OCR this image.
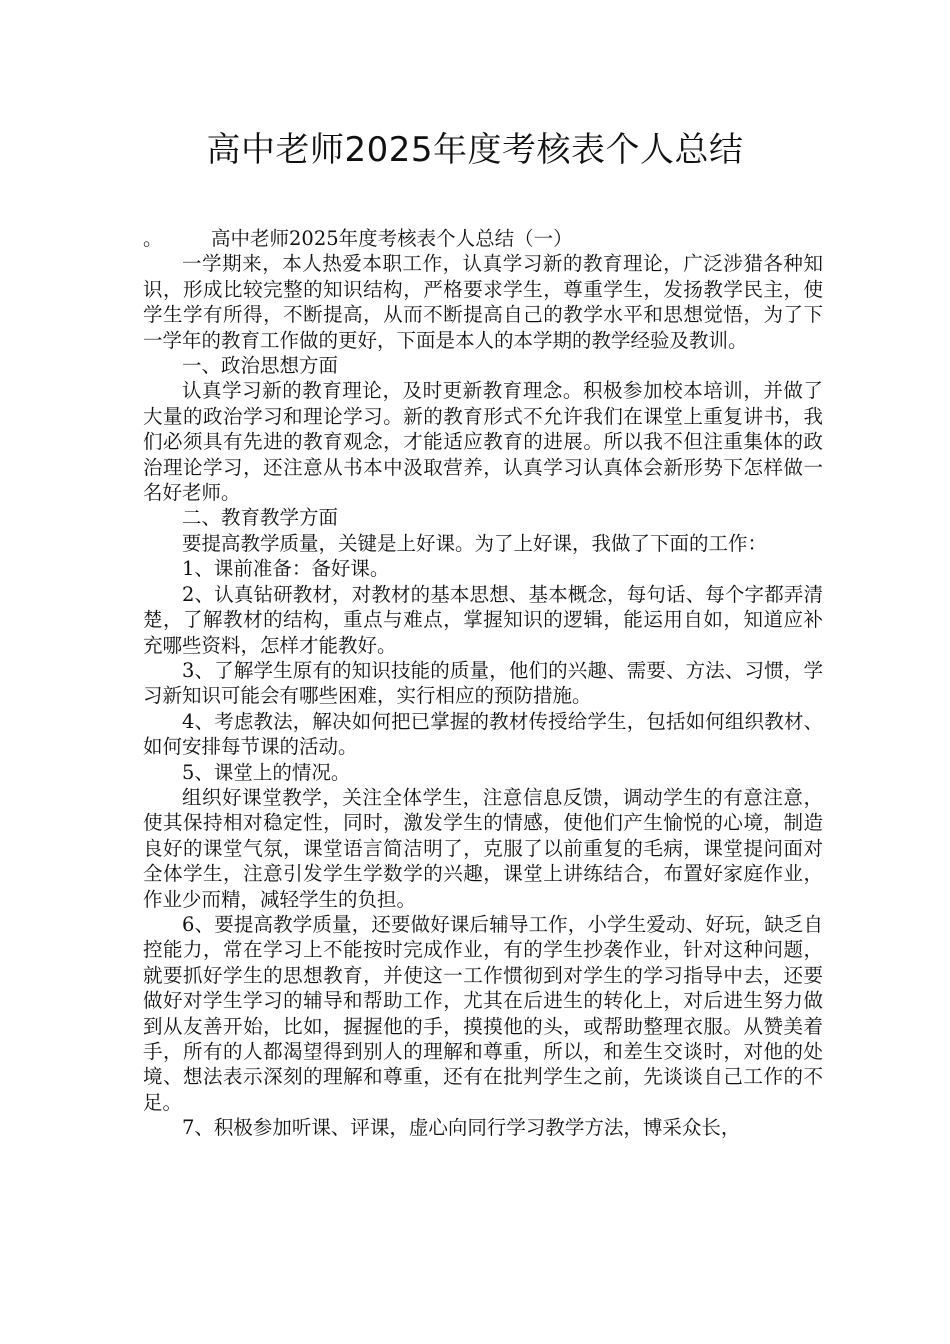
高中老师2025年度考核表个人总结

。 高中老师2025年度考核表个人总结（一）

一学期来，本人热爱本职工作，认真学习新的教育理论，广泛涉猎各种知识，形成比较完整的知识结构，严格要求学生，尊重学生，发扬教学民主，使学生学有所得，不断提高，从而不断提高自己的教学水平和思想觉悟，为了下一学年的教育工作做的更好，下面是本人的本学期的教学经验及教训。

一、政治思想方面

认真学习新的教育理论，及时更新教育理念。积极参加校本培训，并做了大量的政治学习和理论学习。新的教育形式不允许我们在课堂上重复讲书，我们必须具有先进的教育观念，才能适应教育的进展。所以我不但注重集体的政治理论学习，还注意从书本中汲取营养，认真学习认真体会新形势下怎样做一名好老师。

二、教育教学方面

要提高教学质量，关键是上好课。为了上好课，我做了下面的工作：

1、课前准备：备好课。

2、认真钻研教材，对教材的基本思想、基本概念，每句话、每个字都弄清楚，了解教材的结构，重点与难点，掌握知识的逻辑，能运用自如，知道应补充哪些资料，怎样才能教好。

3、了解学生原有的知识技能的质量，他们的兴趣、需要、方法、习惯，学习新知识可能会有哪些困难，实行相应的预防措施。

4、考虑教法，解决如何把已掌握的教材传授给学生，包括如何组织教材、如何安排每节课的活动。

5、课堂上的情况。

组织好课堂教学，关注全体学生，注意信息反馈，调动学生的有意注意，使其保持相对稳定性，同时，激发学生的情感，使他们产生愉悦的心境，制造良好的课堂气氛，课堂语言简洁明了，克服了以前重复的毛病，课堂提问面对全体学生，注意引发学生学数学的兴趣，课堂上讲练结合，布置好家庭作业，作业少而精，减轻学生的负担。

6、要提高教学质量，还要做好课后辅导工作，小学生爱动、好玩，缺乏自控能力，常在学习上不能按时完成作业，有的学生抄袭作业，针对这种问题，就要抓好学生的思想教育，并使这一工作惯彻到对学生的学习指导中去，还要做好对学生学习的辅导和帮助工作，尤其在后进生的转化上，对后进生努力做到从友善开始，比如，握握他的手，摸摸他的头，或帮助整理衣服。从赞美着手，所有的人都渴望得到别人的理解和尊重，所以，和差生交谈时，对他的处境、想法表示深刻的理解和尊重，还有在批判学生之前，先谈谈自己工作的不足。

7、积极参加听课、评课，虚心向同行学习教学方法，博采众长，
